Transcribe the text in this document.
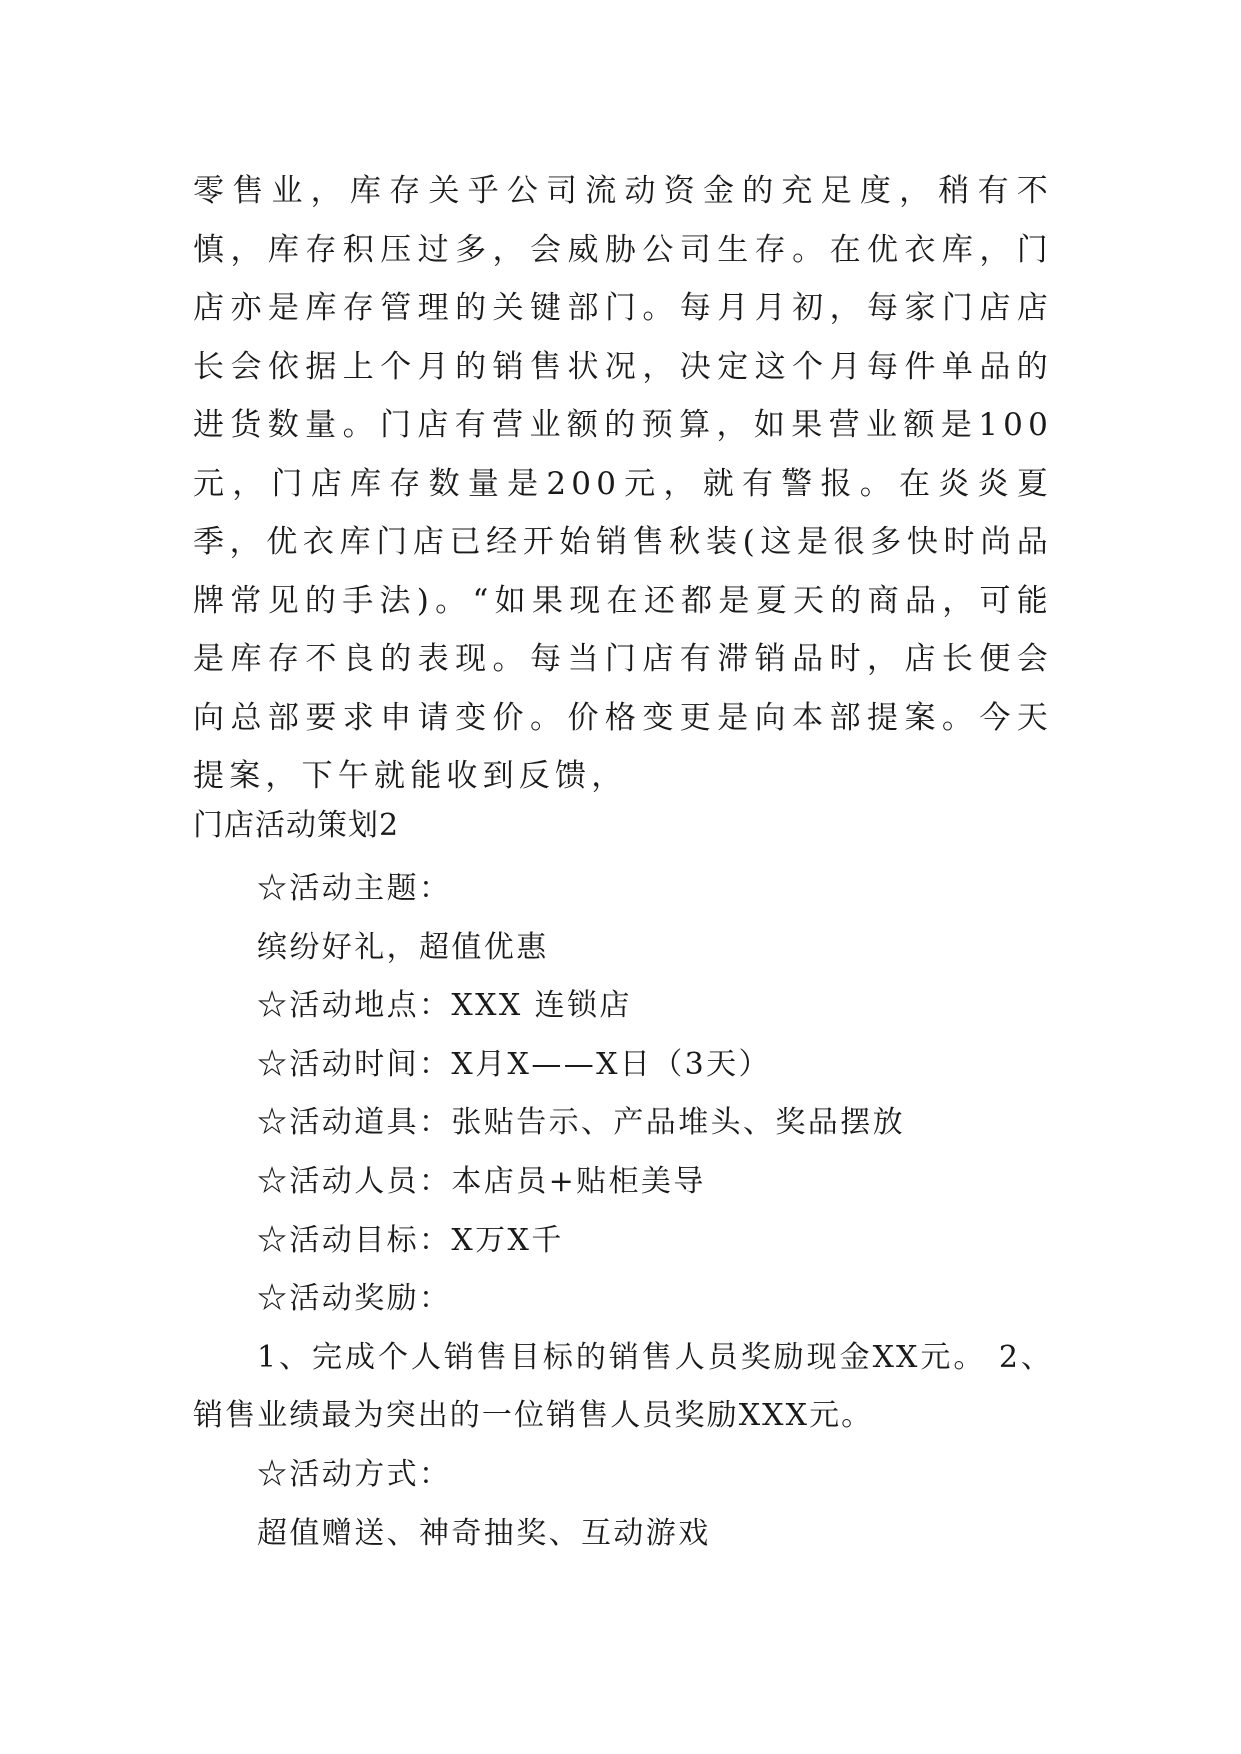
零售业，库存关乎公司流动资金的充足度，稍有不慎，库存积压过多，会威胁公司生存。在优衣库，门店亦是库存管理的关键部门。每月月初，每家门店店长会依据上个月的销售状况，决定这个月每件单品的进货数量。门店有营业额的预算，如果营业额是100元，门店库存数量是200元，就有警报。在炎炎夏季，优衣库门店已经开始销售秋装(这是很多快时尚品牌常见的手法)。“如果现在还都是夏天的商品，可能是库存不良的表现。每当门店有滞销品时，店长便会向总部要求申请变价。价格变更是向本部提案。今天提案，下午就能收到反馈，

门店活动策划2

☆活动主题：

缤纷好礼，超值优惠

☆活动地点：XXX 连锁店

☆活动时间：X月X——X日（3天）

☆活动道具：张贴告示、产品堆头、奖品摆放

☆活动人员：本店员+贴柜美导

☆活动目标：X万X千

☆活动奖励：

1、完成个人销售目标的销售人员奖励现金XX元。 2、销售业绩最为突出的一位销售人员奖励XXX元。

☆活动方式：

超值赠送、神奇抽奖、互动游戏
